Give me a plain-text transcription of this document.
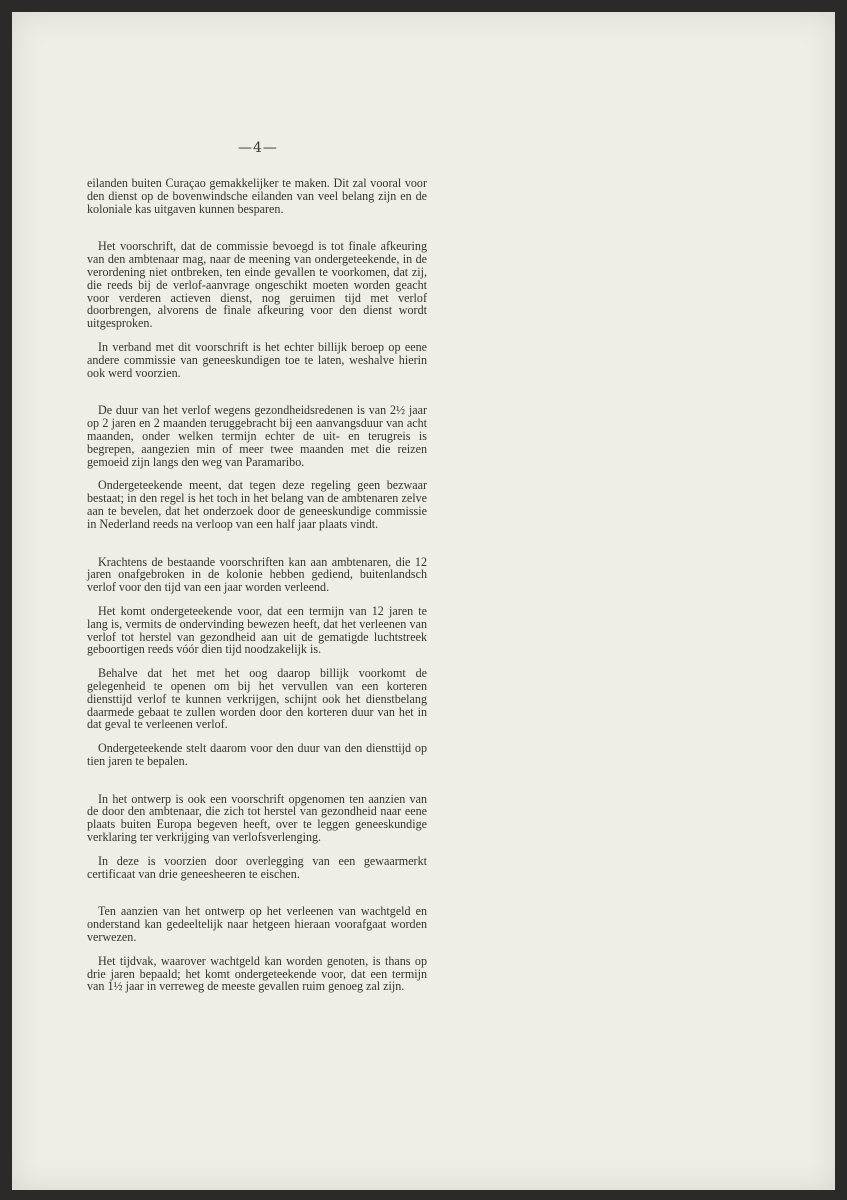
—4—

eilanden buiten Curaçao gemakkelijker te maken. Dit zal vooral voor den dienst op de bovenwindsche eilanden van veel belang zijn en de koloniale kas uitgaven kunnen besparen.

Het voorschrift, dat de commissie bevoegd is tot finale afkeuring van den ambtenaar mag, naar de meening van ondergeteekende, in de verordening niet ontbreken, ten einde gevallen te voorkomen, dat zij, die reeds bij de verlof-aanvrage ongeschikt moeten worden geacht voor verderen actieven dienst, nog geruimen tijd met verlof doorbrengen, alvorens de finale afkeuring voor den dienst wordt uitgesproken.

In verband met dit voorschrift is het echter billijk beroep op eene andere commissie van geneeskundigen toe te laten, weshalve hierin ook werd voorzien.

De duur van het verlof wegens gezondheidsredenen is van 2½ jaar op 2 jaren en 2 maanden teruggebracht bij een aanvangsduur van acht maanden, onder welken termijn echter de uit- en terugreis is begrepen, aangezien min of meer twee maanden met die reizen gemoeid zijn langs den weg van Paramaribo.

Ondergeteekende meent, dat tegen deze regeling geen bezwaar bestaat; in den regel is het toch in het belang van de ambtenaren zelve aan te bevelen, dat het onderzoek door de geneeskundige commissie in Nederland reeds na verloop van een half jaar plaats vindt.

Krachtens de bestaande voorschriften kan aan ambtenaren, die 12 jaren onafgebroken in de kolonie hebben gediend, buitenlandsch verlof voor den tijd van een jaar worden verleend.

Het komt ondergeteekende voor, dat een termijn van 12 jaren te lang is, vermits de ondervinding bewezen heeft, dat het verleenen van verlof tot herstel van gezondheid aan uit de gematigde luchtstreek geboortigen reeds vóór dien tijd noodzakelijk is.

Behalve dat het met het oog daarop billijk voorkomt de gelegenheid te openen om bij het vervullen van een korteren diensttijd verlof te kunnen verkrijgen, schijnt ook het dienstbelang daarmede gebaat te zullen worden door den korteren duur van het in dat geval te verleenen verlof.

Ondergeteekende stelt daarom voor den duur van den diensttijd op tien jaren te bepalen.

In het ontwerp is ook een voorschrift opgenomen ten aanzien van de door den ambtenaar, die zich tot herstel van gezondheid naar eene plaats buiten Europa begeven heeft, over te leggen geneeskundige verklaring ter verkrijging van verlofsverlenging.

In deze is voorzien door overlegging van een gewaarmerkt certificaat van drie geneesheeren te eischen.

Ten aanzien van het ontwerp op het verleenen van wachtgeld en onderstand kan gedeeltelijk naar hetgeen hieraan voorafgaat worden verwezen.

Het tijdvak, waarover wachtgeld kan worden genoten, is thans op drie jaren bepaald; het komt ondergeteekende voor, dat een termijn van 1½ jaar in verreweg de meeste gevallen ruim genoeg zal zijn.
